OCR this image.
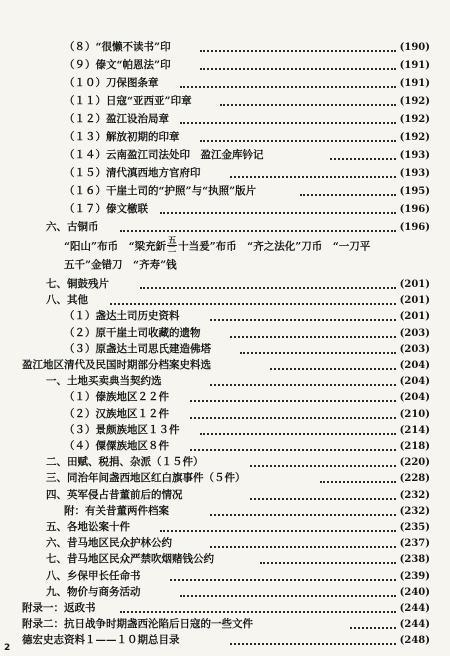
（８）“很懒不读书”印	(190)
（９）傣文“帕恩法”印	(191)
（１０）刀保图条章	(191)
（１１）日寇“亚西亚”印章	(192)
（１２）盈江设治局章	(192)
（１３）解放初期的印章	(192)
（１４）云南盈江司法处印　盈江金库钤记	(193)
（１５）清代滇西地方官府印	(193)
（１６）干崖土司的“护照”与“执照”版片	(195)
（１７）傣文檄联	(196)
六、古铜币	(196)
“阳山”布币　“梁充釿 五
二 十当爰”布币　“齐之法化”刀币　“一刀平
五千”金错刀　“齐寿”钱
七、铜鼓残片	(201)
八、其他	(201)
（１）盏达土司历史资料	(201)
（２）原干崖土司收藏的遗物	(203)
（３）原盏达土司思氏建造佛塔	(203)
盈江地区清代及民国时期部分档案史料选	(204)
一、土地买卖典当契约选	(204)
（１）傣族地区２２件	(204)
（２）汉族地区１２件	(210)
（３）景颇族地区１３件	(214)
（４）僳僳族地区８件	(218)
二、田赋、税捐、杂派（１５件）	(220)
三、同治年间盏西地区红白旗事件（５件）	(228)
四、英军侵占昔董前后的情况	(232)
附：有关昔董两件档案	(232)
五、各地讼案十件	(235)
六、昔马地区民众护林公约	(237)
七、昔马地区民众严禁吹烟赌钱公约	(238)
八、乡保甲长任命书	(239)
九、物价与商务活动	(240)
附录一：返政书	(244)
附录二：抗日战争时期盏西沦陷后日寇的一些文件	(244)
德宏史志资料１——１０期总目录	(248)
2
